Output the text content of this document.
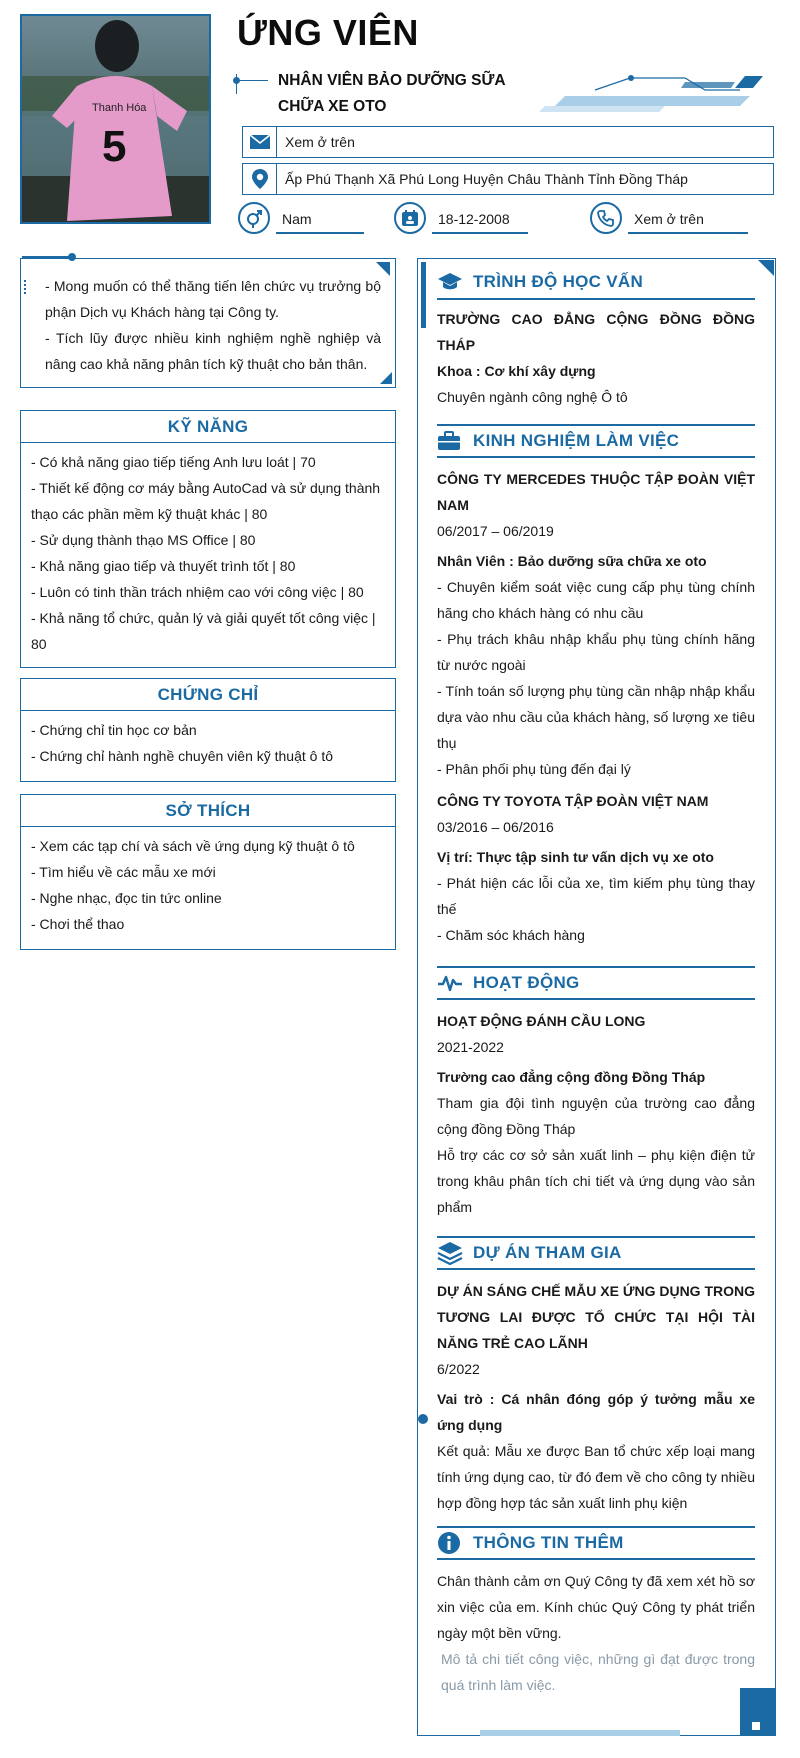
Thanh Hóa
5
ỨNG VIÊN
NHÂN VIÊN BẢO DƯỠNG SỮA
CHỮA XE OTO
Xem ở trên
Ấp Phú Thạnh Xã Phú Long Huyện Châu Thành Tỉnh Đồng Tháp
Nam	18-12-2008	Xem ở trên
- Mong muốn có thể thăng tiến lên chức vụ trưởng bộ phận Dịch vụ Khách hàng tại Công ty.
- Tích lũy được nhiều kinh nghiệm nghề nghiệp và nâng cao khả năng phân tích kỹ thuật cho bản thân.
KỸ NĂNG
- Có khả năng giao tiếp tiếng Anh lưu loát | 70
- Thiết kế động cơ máy bằng AutoCad và sử dụng thành thạo các phần mềm kỹ thuật khác | 80
- Sử dụng thành thạo MS Office | 80
- Khả năng giao tiếp và thuyết trình tốt | 80
- Luôn có tinh thần trách nhiệm cao với công việc | 80
- Khả năng tổ chức, quản lý và giải quyết tốt công việc | 80
CHỨNG CHỈ
- Chứng chỉ tin học cơ bản
- Chứng chỉ hành nghề chuyên viên kỹ thuật ô tô
SỞ THÍCH
- Xem các tạp chí và sách về ứng dụng kỹ thuật ô tô
- Tìm hiểu về các mẫu xe mới
- Nghe nhạc, đọc tin tức online
- Chơi thể thao
TRÌNH ĐỘ HỌC VẤN
TRƯỜNG CAO ĐẲNG CỘNG ĐỒNG ĐỒNG THÁP
Khoa : Cơ khí xây dựng
Chuyên ngành công nghệ Ô tô
KINH NGHIỆM LÀM VIỆC
CÔNG TY MERCEDES THUỘC TẬP ĐOÀN VIỆT NAM
06/2017 – 06/2019
Nhân Viên : Bảo dưỡng sữa chữa xe oto
- Chuyên kiểm soát việc cung cấp phụ tùng chính hãng cho khách hàng có nhu cầu
- Phụ trách khâu nhập khẩu phụ tùng chính hãng từ nước ngoài
- Tính toán số lượng phụ tùng cần nhập nhập khẩu dựa vào nhu cầu của khách hàng, số lượng xe tiêu thụ
- Phân phối phụ tùng đến đại lý
CÔNG TY TOYOTA TẬP ĐOÀN VIỆT NAM
03/2016 – 06/2016
Vị trí: Thực tập sinh tư vấn dịch vụ xe oto
- Phát hiện các lỗi của xe, tìm kiếm phụ tùng thay thế
- Chăm sóc khách hàng
HOẠT ĐỘNG
HOẠT ĐỘNG ĐÁNH CẦU LONG
2021-2022
Trường cao đẳng cộng đồng Đồng Tháp
Tham gia đội tình nguyện của trường cao đẳng cộng đồng Đồng Tháp
Hỗ trợ các cơ sở sản xuất linh – phụ kiện điện tử trong khâu phân tích chi tiết và ứng dụng vào sản phẩm
DỰ ÁN THAM GIA
DỰ ÁN SÁNG CHẾ MẪU XE ỨNG DỤNG TRONG TƯƠNG LAI ĐƯỢC TỔ CHỨC TẠI HỘI TÀI NĂNG TRẺ CAO LÃNH
6/2022
Vai trò : Cá nhân đóng góp ý tưởng mẫu xe ứng dụng
Kết quả: Mẫu xe được Ban tổ chức xếp loại mang tính ứng dụng cao, từ đó đem về cho công ty nhiều hợp đồng hợp tác sản xuất linh phụ kiện
THÔNG TIN THÊM
Chân thành cảm ơn Quý Công ty đã xem xét hồ sơ xin việc của em. Kính chúc Quý Công ty phát triển ngày một bền vững.
Mô tả chi tiết công việc, những gì đạt được trong quá trình làm việc.
